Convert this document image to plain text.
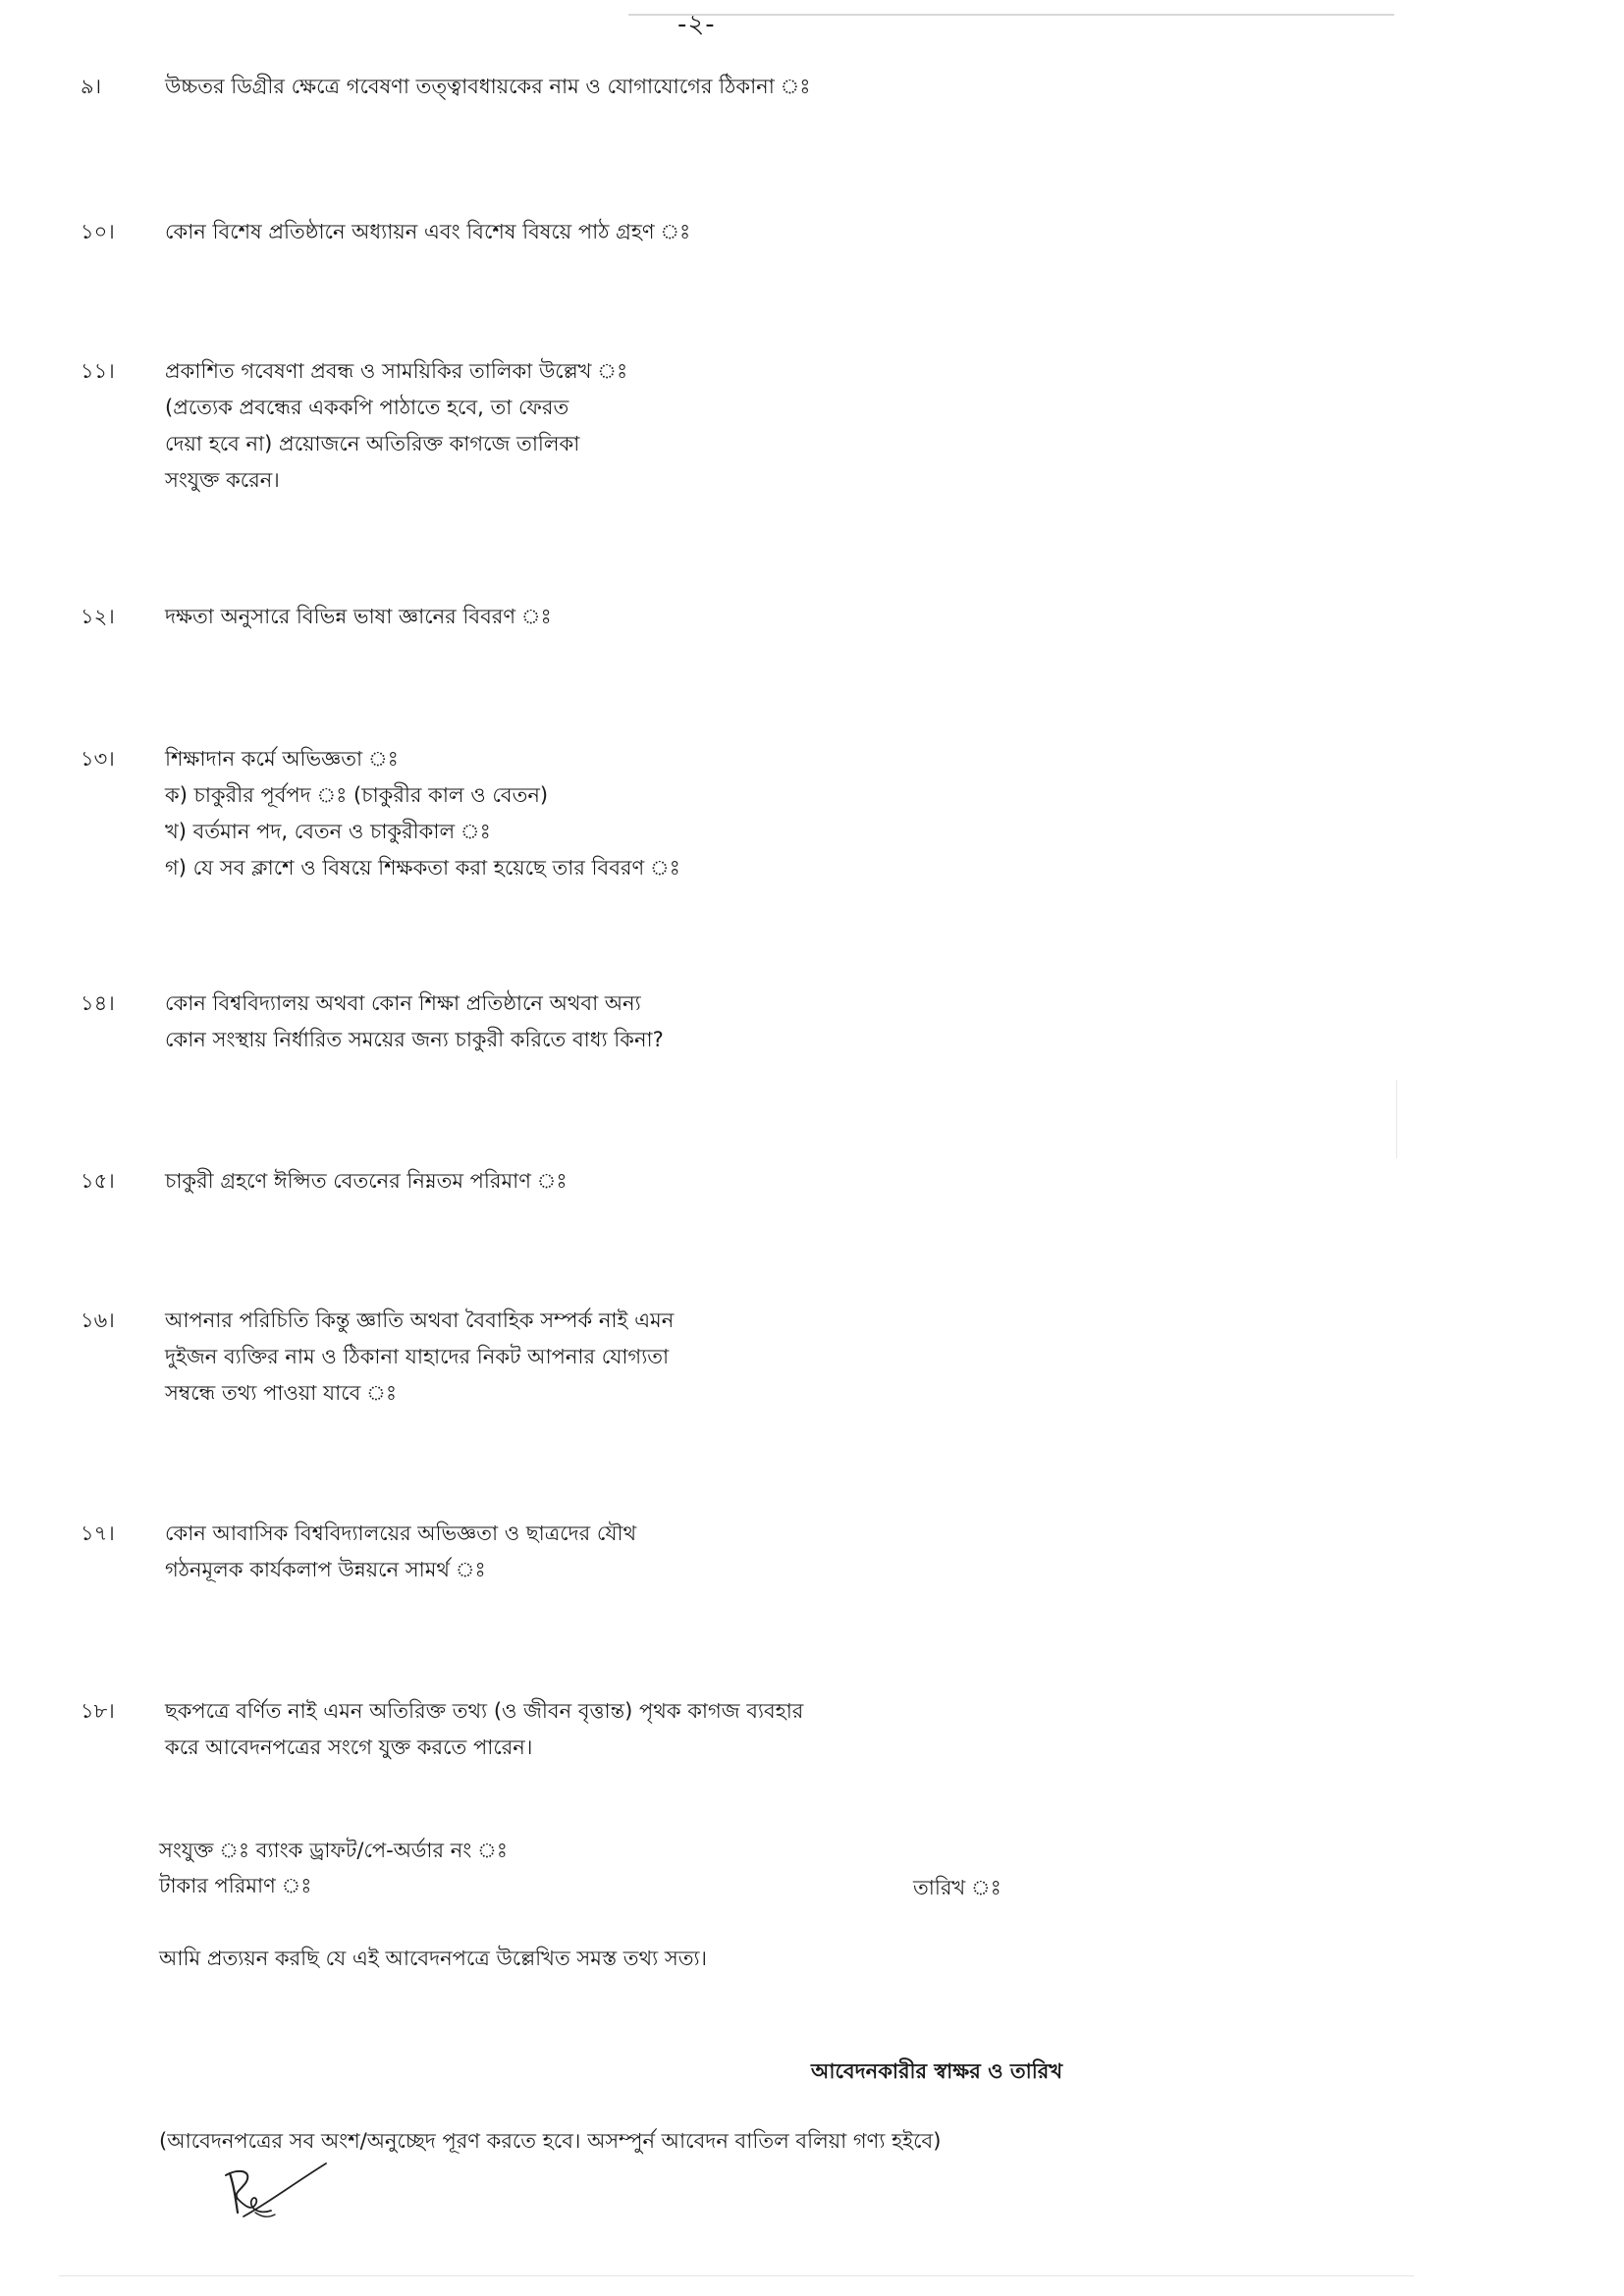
-২-
৯।	উচ্চতর ডিগ্রীর ক্ষেত্রে গবেষণা তত্ত্বাবধায়কের নাম ও যোগাযোগের ঠিকানা ঃ
১০। কোন বিশেষ প্রতিষ্ঠানে অধ্যায়ন এবং বিশেষ বিষয়ে পাঠ গ্রহণ ঃ
১১। প্রকাশিত গবেষণা প্রবন্ধ ও সাময়িকির তালিকা উল্লেখ ঃ
(প্রত্যেক প্রবন্ধের এককপি পাঠাতে হবে, তা ফেরত
দেয়া হবে না) প্রয়োজনে অতিরিক্ত কাগজে তালিকা
সংযুক্ত করেন।
১২। দক্ষতা অনুসারে বিভিন্ন ভাষা জ্ঞানের বিবরণ ঃ
১৩। শিক্ষাদান কর্মে অভিজ্ঞতা ঃ
ক) চাকুরীর পূর্বপদ ঃ (চাকুরীর কাল ও বেতন)
খ) বর্তমান পদ, বেতন ও চাকুরীকাল ঃ
গ) যে সব ক্লাশে ও বিষয়ে শিক্ষকতা করা হয়েছে তার বিবরণ ঃ
১৪। কোন বিশ্ববিদ্যালয় অথবা কোন শিক্ষা প্রতিষ্ঠানে অথবা অন্য
কোন সংস্থায় নির্ধারিত সময়ের জন্য চাকুরী করিতে বাধ্য কিনা?
১৫। চাকুরী গ্রহণে ঈপ্সিত বেতনের নিম্নতম পরিমাণ ঃ
১৬। আপনার পরিচিতি কিন্তু জ্ঞাতি অথবা বৈবাহিক সম্পর্ক নাই এমন
দুইজন ব্যক্তির নাম ও ঠিকানা যাহাদের নিকট আপনার যোগ্যতা
সম্বন্ধে তথ্য পাওয়া যাবে ঃ
১৭। কোন আবাসিক বিশ্ববিদ্যালয়ের অভিজ্ঞতা ও ছাত্রদের যৌথ
গঠনমূলক কার্যকলাপ উন্নয়নে সামর্থ ঃ
১৮। ছকপত্রে বর্ণিত নাই এমন অতিরিক্ত তথ্য (ও জীবন বৃত্তান্ত) পৃথক কাগজ ব্যবহার
করে আবেদনপত্রের সংগে যুক্ত করতে পারেন।
সংযুক্ত ঃ ব্যাংক ড্রাফট/পে-অর্ডার নং ঃ
টাকার পরিমাণ ঃ	তারিখ ঃ
আমি প্রত্যয়ন করছি যে এই আবেদনপত্রে উল্লেখিত সমস্ত তথ্য সত্য।
আবেদনকারীর স্বাক্ষর ও তারিখ
(আবেদনপত্রের সব অংশ/অনুচ্ছেদ পূরণ করতে হবে। অসম্পুর্ন আবেদন বাতিল বলিয়া গণ্য হইবে)
